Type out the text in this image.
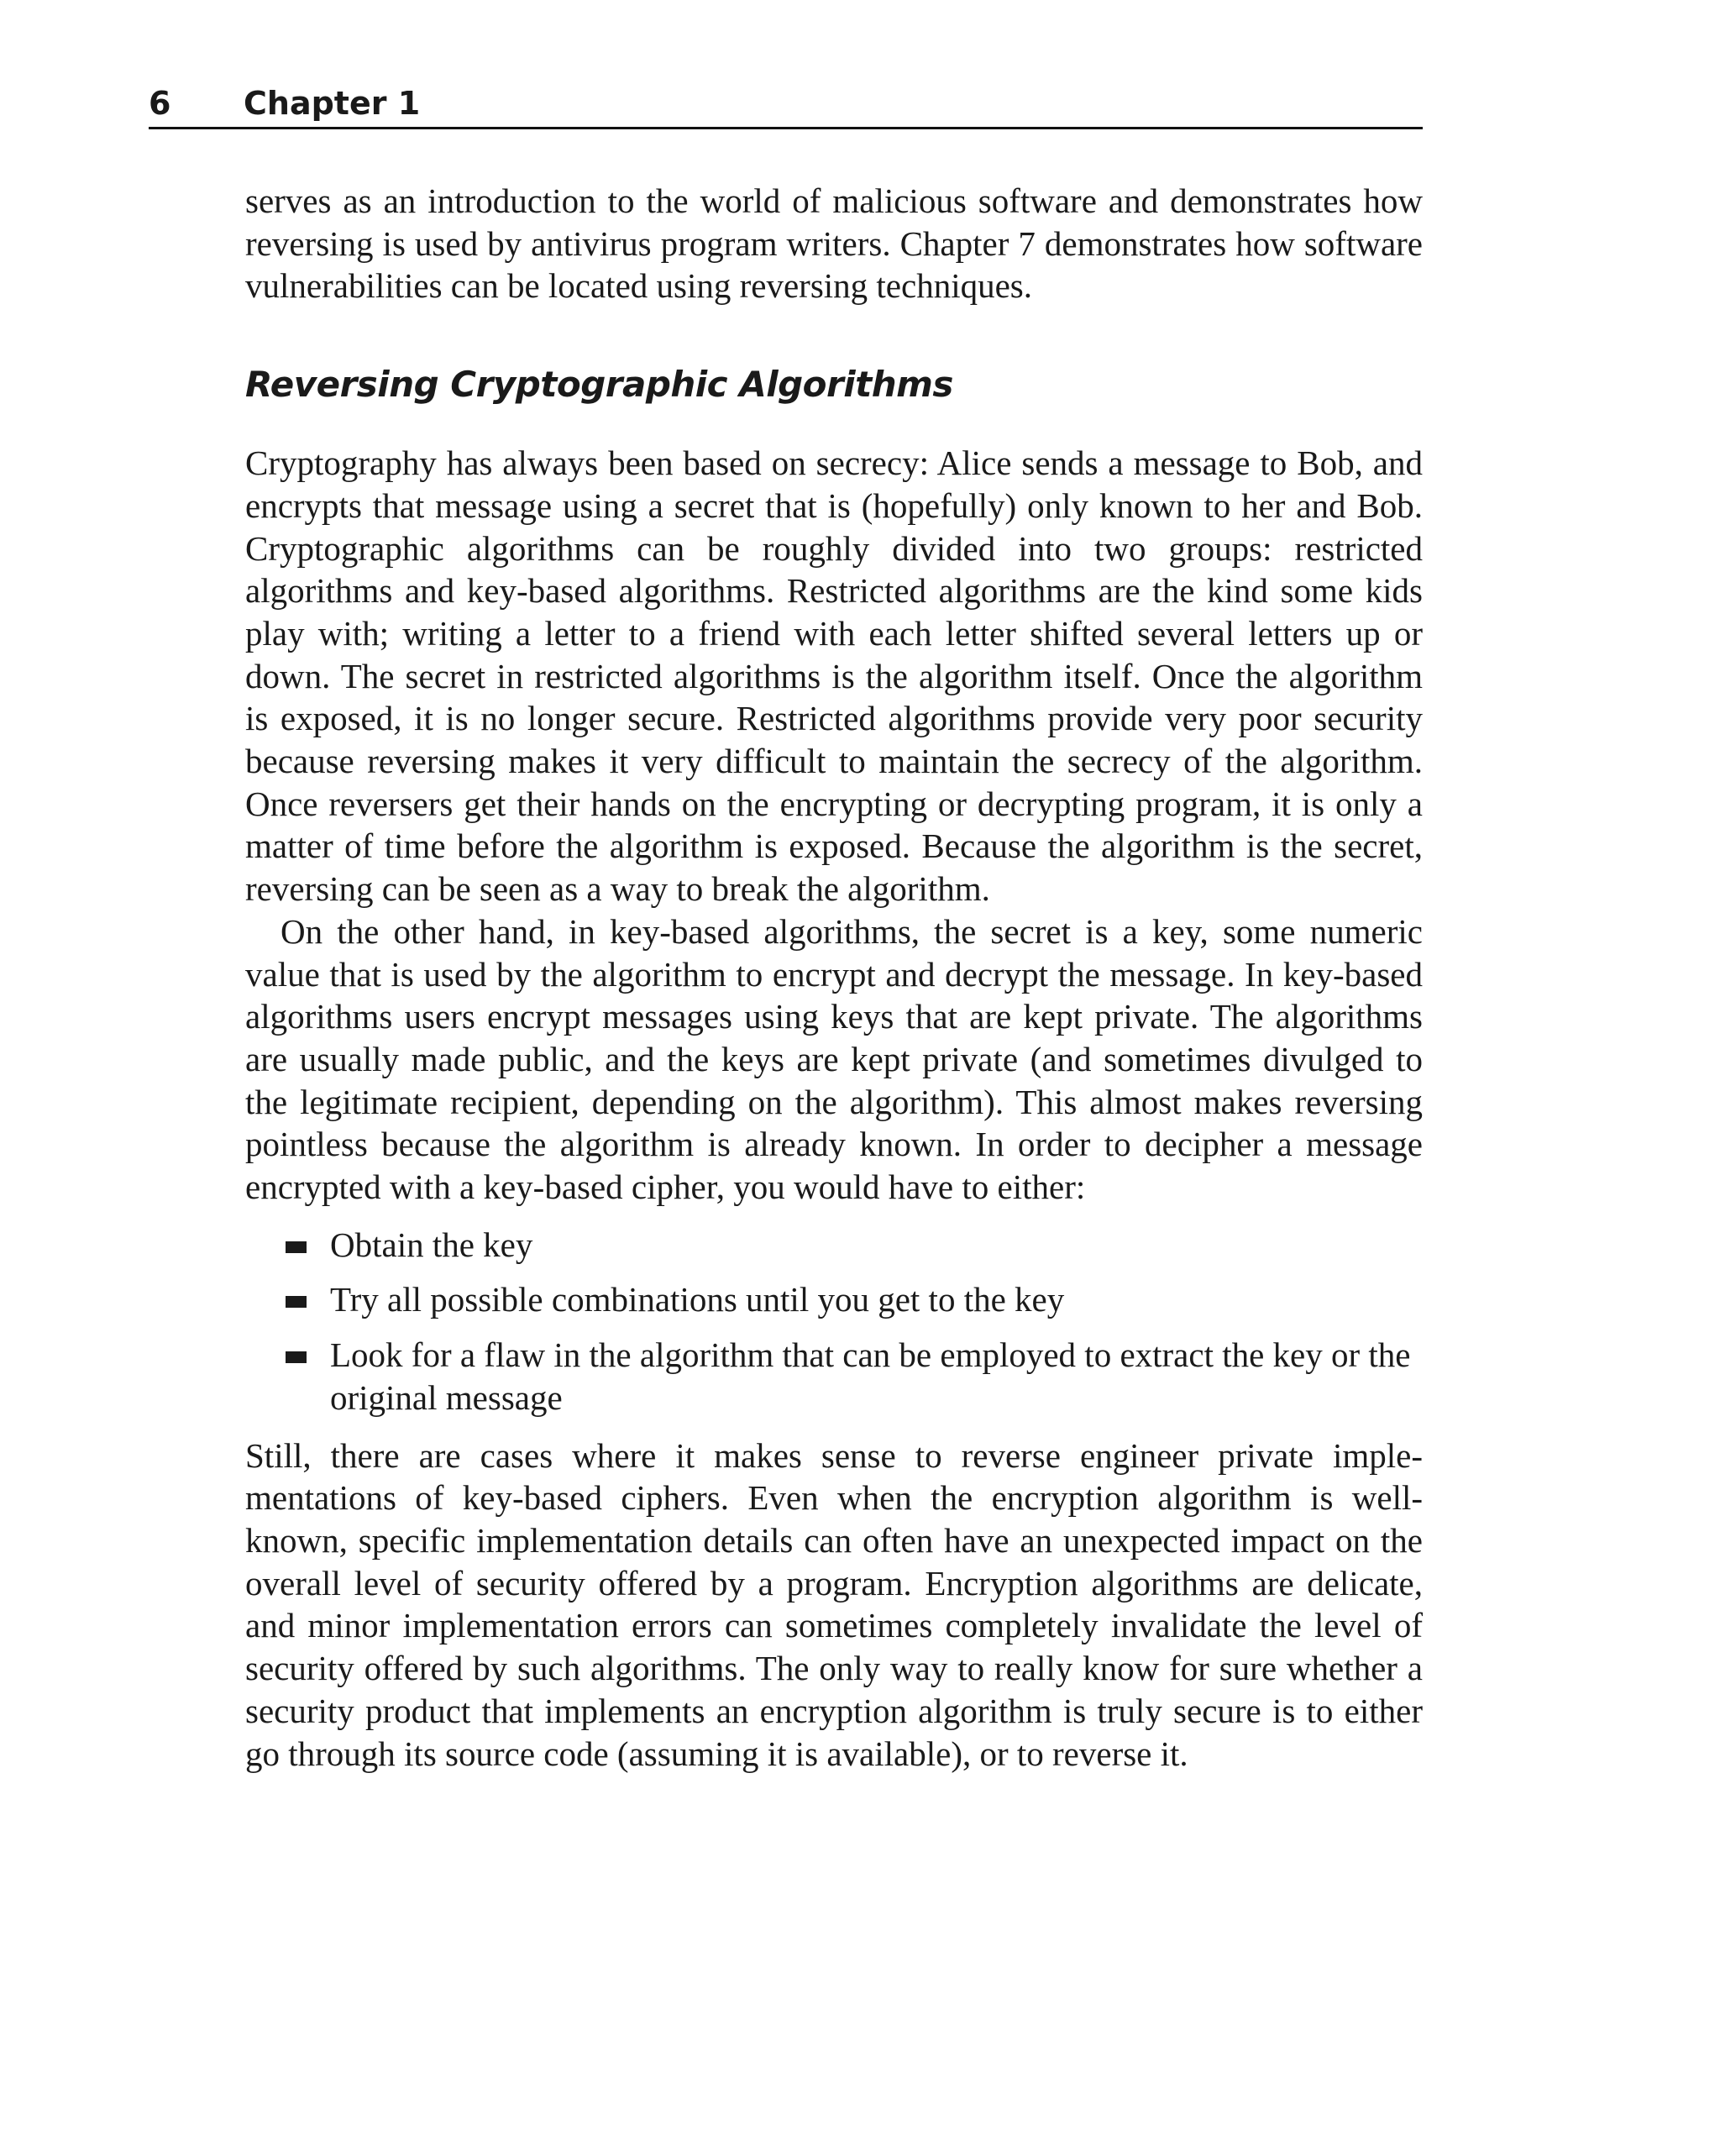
6 Chapter 1

serves as an introduction to the world of malicious software and demonstrates how reversing is used by antivirus program writers. Chapter 7 demonstrates how software vulnerabilities can be located using reversing techniques.

Reversing Cryptographic Algorithms

Cryptography has always been based on secrecy: Alice sends a message to Bob, and encrypts that message using a secret that is (hopefully) only known to her and Bob. Cryptographic algorithms can be roughly divided into two groups: restricted algorithms and key-based algorithms. Restricted algorithms are the kind some kids play with; writing a letter to a friend with each letter shifted several letters up or down. The secret in restricted algorithms is the algorithm itself. Once the algorithm is exposed, it is no longer secure. Restricted algorithms provide very poor security because reversing makes it very difficult to maintain the secrecy of the algorithm. Once reversers get their hands on the encrypting or decrypting program, it is only a matter of time before the algorithm is exposed. Because the algorithm is the secret, reversing can be seen as a way to break the algorithm.

On the other hand, in key-based algorithms, the secret is a key, some numeric value that is used by the algorithm to encrypt and decrypt the message. In key-based algorithms users encrypt messages using keys that are kept private. The algorithms are usually made public, and the keys are kept private (and sometimes divulged to the legitimate recipient, depending on the algorithm). This almost makes reversing pointless because the algorithm is already known. In order to decipher a message encrypted with a key-based cipher, you would have to either:

Obtain the key
Try all possible combinations until you get to the key
Look for a flaw in the algorithm that can be employed to extract the key or the original message

Still, there are cases where it makes sense to reverse engineer private implementations of key-based ciphers. Even when the encryption algorithm is well-known, specific implementation details can often have an unexpected impact on the overall level of security offered by a program. Encryption algorithms are delicate, and minor implementation errors can sometimes completely invalidate the level of security offered by such algorithms. The only way to really know for sure whether a security product that implements an encryption algorithm is truly secure is to either go through its source code (assuming it is available), or to reverse it.
